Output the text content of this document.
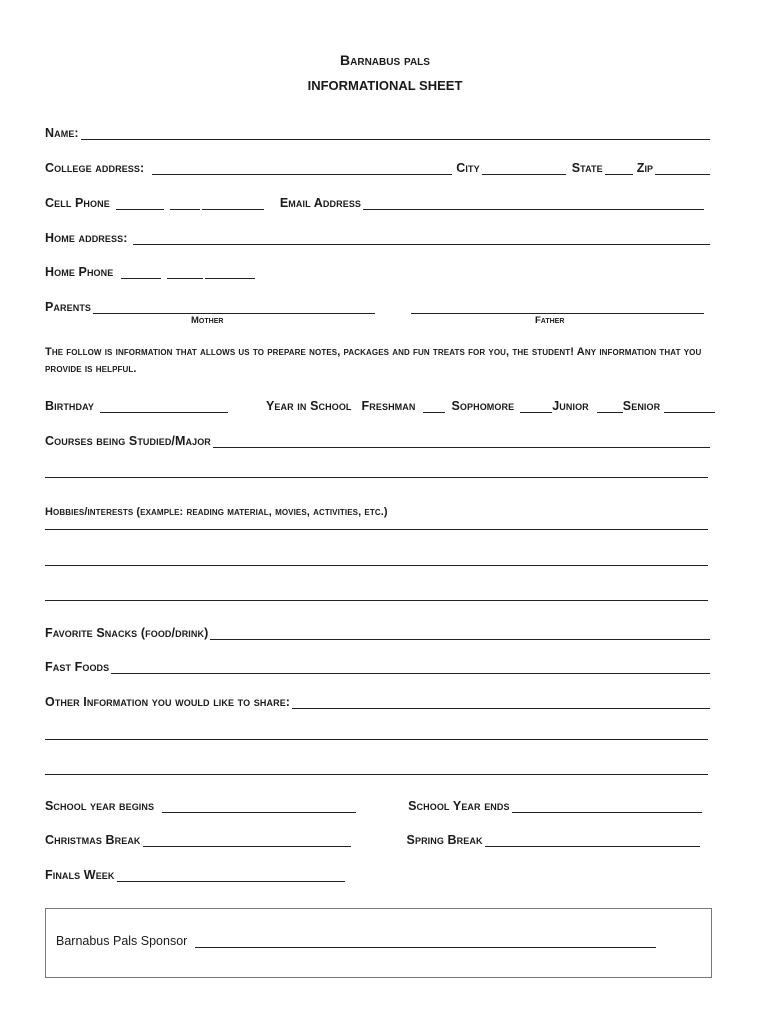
Barnabus pals
INFORMATIONAL SHEET
Name:
College address:	City	State	Zip
Cell Phone	Email Address
Home address:
Home Phone
Parents
Mother	Father
The follow is information that allows us to prepare notes, packages and fun treats for you, the student! Any information that you provide is helpful.
Birthday	Year in School Freshman	Sophomore	Junior	Senior
Courses being Studied/Major
Hobbies/interests (example: reading material, movies, activities, etc.)
Favorite Snacks (food/drink)
Fast Foods
Other Information you would like to share:
School year begins	School Year ends
Christmas Break	Spring Break
Finals Week
Barnabus Pals Sponsor
